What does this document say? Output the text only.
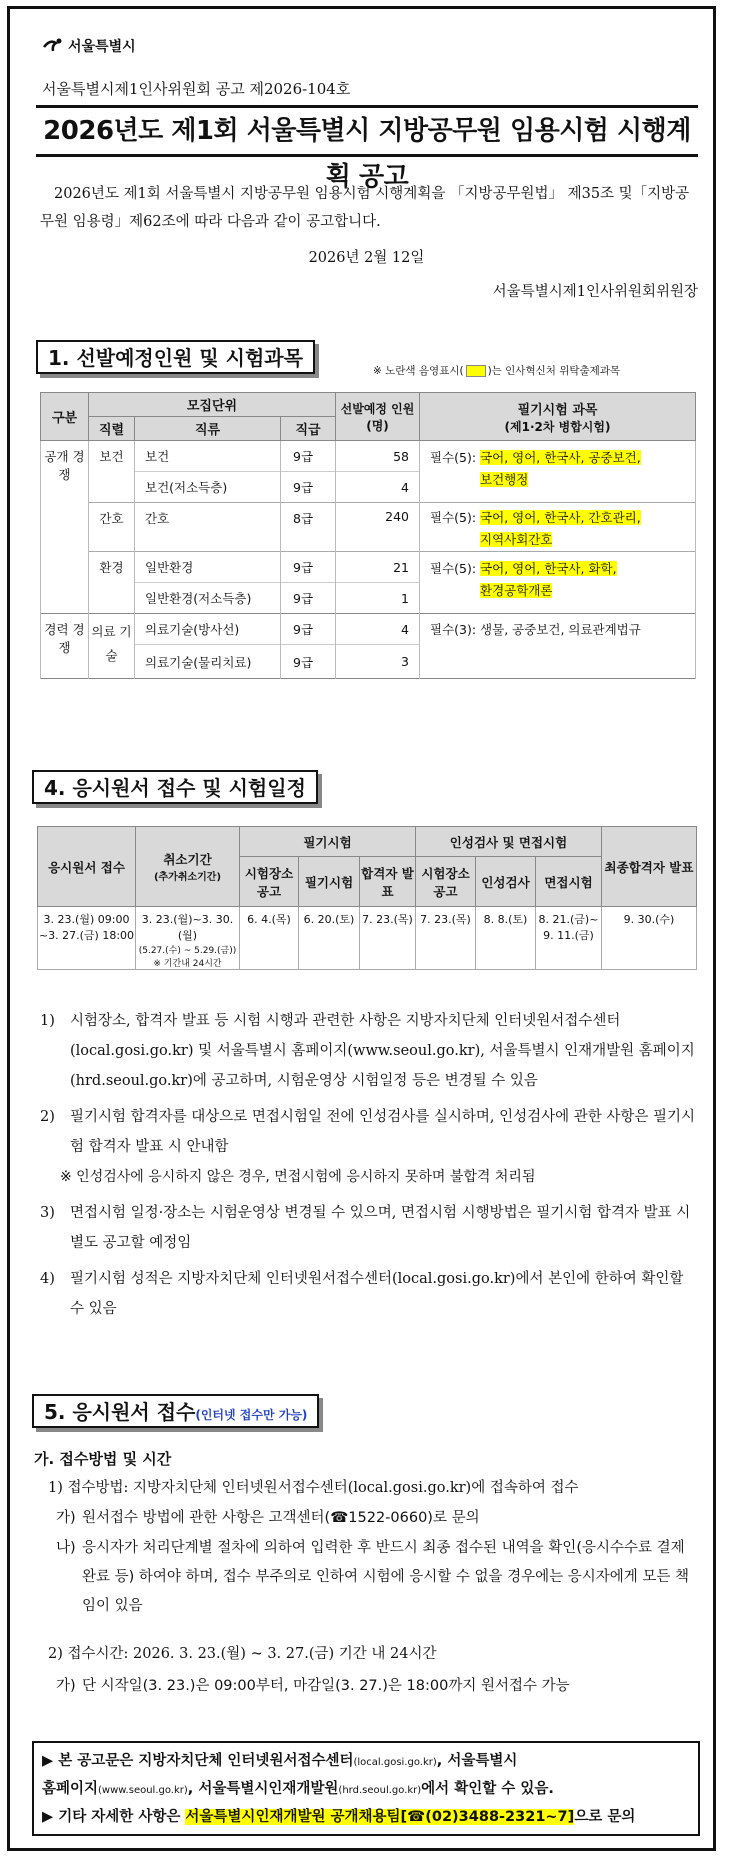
서울특별시
서울특별시제1인사위원회 공고 제2026-104호
2026년도 제1회 서울특별시 지방공무원 임용시험 시행계획 공고
2026년도 제1회 서울특별시 지방공무원 임용시험 시행계획을 「지방공무원법」 제35조 및「지방공무원 임용령」제62조에 따라 다음과 같이 공고합니다.
2026년 2월 12일
서울특별시제1인사위원회위원장
1. 선발예정인원 및 시험과목
※ 노란색 음영표시( )는 인사혁신처 위탁출제과목
구분	모집단위			선발예정 인원(명)	필기시험 과목
(제1·2차 병합시험)

	직렬	직류	직급		
공개 경쟁	보건	보건	9급	58	필수(5): 국어, 영어, 한국사, 공중보건,
보건행정
		보건(저소득층)	9급	4	
	간호	간호	8급	240	필수(5): 국어, 영어, 한국사, 간호관리,
지역사회간호
	환경	일반환경	9급	21	필수(5): 국어, 영어, 한국사, 화학,
환경공학개론
		일반환경(저소득층)	9급	1	
경력 경쟁	의료 기술	의료기술(방사선)	9급	4	필수(3): 생물, 공중보건, 의료관계법규
		의료기술(물리치료)	9급	3	
4. 응시원서 접수 및 시험일정
응시원서 접수	취소기간
(추가취소기간)	필기시험			인성검사 및 면접시험			최종합격자 발표
		시험장소 공고	필기시험	합격자 발표	시험장소 공고	인성검사	면접시험	
3. 23.(월) 09:00 ~3. 27.(금) 18:00	3. 23.(월)~3. 30.(월)
(5.27.(수) ~ 5.29.(금))
※ 기간내 24시간	6. 4.(목)	6. 20.(토)	7. 23.(목)	7. 23.(목)	8. 8.(토)	8. 21.(금)~ 9. 11.(금)	9. 30.(수)
1)	시험장소, 합격자 발표 등 시험 시행과 관련한 사항은 지방자치단체 인터넷원서접수센터(local.gosi.go.kr) 및 서울특별시 홈페이지(www.seoul.go.kr), 서울특별시 인재개발원 홈페이지(hrd.seoul.go.kr)에 공고하며, 시험운영상 시험일정 등은 변경될 수 있음
2)	필기시험 합격자를 대상으로 면접시험일 전에 인성검사를 실시하며, 인성검사에 관한 사항은 필기시험 합격자 발표 시 안내함
※ 인성검사에 응시하지 않은 경우, 면접시험에 응시하지 못하며 불합격 처리됨
3)	면접시험 일정·장소는 시험운영상 변경될 수 있으며, 면접시험 시행방법은 필기시험 합격자 발표 시 별도 공고할 예정임
4)	필기시험 성적은 지방자치단체 인터넷원서접수센터(local.gosi.go.kr)에서 본인에 한하여 확인할 수 있음
5. 응시원서 접수(인터넷 접수만 가능)
가. 접수방법 및 시간
1) 접수방법: 지방자치단체 인터넷원서접수센터(local.gosi.go.kr)에 접속하여 접수
가) 원서접수 방법에 관한 사항은 고객센터(☎1522-0660)로 문의
나) 응시자가 처리단계별 절차에 의하여 입력한 후 반드시 최종 접수된 내역을 확인(응시수수료 결제완료 등) 하여야 하며, 접수 부주의로 인하여 시험에 응시할 수 없을 경우에는 응시자에게 모든 책임이 있음
2) 접수시간: 2026. 3. 23.(월) ~ 3. 27.(금) 기간 내 24시간
가) 단 시작일(3. 23.)은 09:00부터, 마감일(3. 27.)은 18:00까지 원서접수 가능
▶ 본 공고문은 지방자치단체 인터넷원서접수센터(local.gosi.go.kr), 서울특별시
홈페이지(www.seoul.go.kr), 서울특별시인재개발원(hrd.seoul.go.kr)에서 확인할 수 있음.
▶ 기타 자세한 사항은 서울특별시인재개발원 공개채용팀[☎(02)3488-2321~7]으로 문의
